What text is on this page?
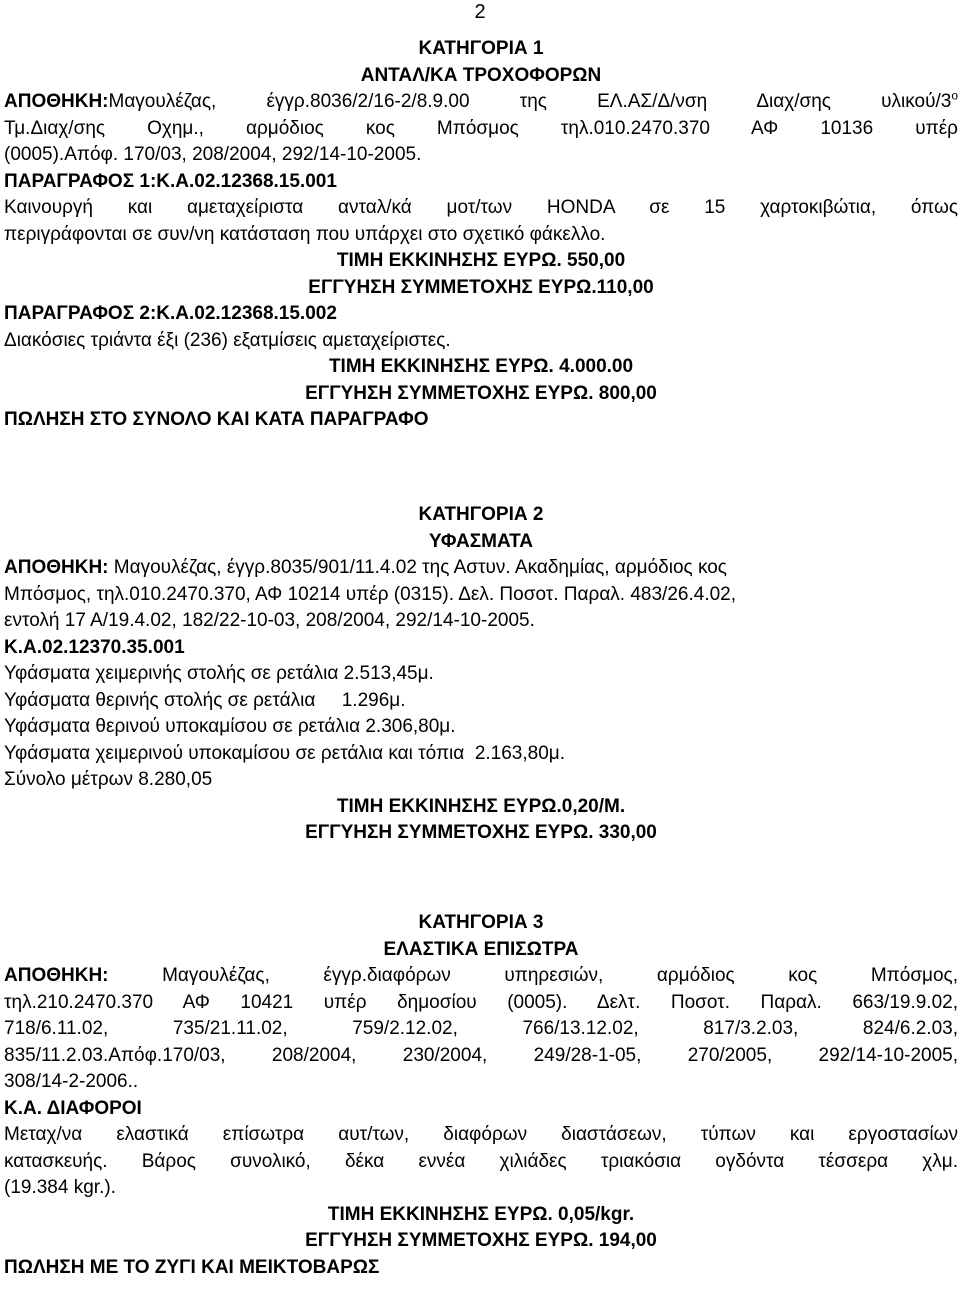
2
ΚΑΤΗΓΟΡΙΑ 1
ΑΝΤΑΛ/ΚΑ ΤΡΟΧΟΦΟΡΩΝ
ΑΠΟΘΗΚΗ:Μαγουλέζας, έγγρ.8036/2/16-2/8.9.00 της ΕΛ.ΑΣ/Δ/νση Διαχ/σης υλικού/$3^o$
Τμ.Διαχ/σης Οχημ., αρμόδιος κος Μπόσμος τηλ.010.2470.370 ΑΦ 10136 υπέρ
(0005).Απόφ. 170/03, 208/2004, 292/14-10-2005.
ΠΑΡΑΓΡΑΦΟΣ 1:Κ.Α.02.12368.15.001
Καινουργή και αμεταχείριστα ανταλ/κά μοτ/των HONDA σε 15 χαρτοκιβώτια, όπως
περιγράφονται σε συν/νη κατάσταση που υπάρχει στο σχετικό φάκελλο.
ΤΙΜΗ ΕΚΚΙΝΗΣΗΣ ΕΥΡΩ. 550,00
ΕΓΓΥΗΣΗ ΣΥΜΜΕΤΟΧΗΣ ΕΥΡΩ.110,00
ΠΑΡΑΓΡΑΦΟΣ 2:Κ.Α.02.12368.15.002
Διακόσιες τριάντα έξι (236) εξατμίσεις αμεταχείριστες.
ΤΙΜΗ ΕΚΚΙΝΗΣΗΣ ΕΥΡΩ. 4.000.00
ΕΓΓΥΗΣΗ ΣΥΜΜΕΤΟΧΗΣ ΕΥΡΩ. 800,00
ΠΩΛΗΣΗ ΣΤΟ ΣΥΝΟΛΟ ΚΑΙ ΚΑΤΑ ΠΑΡΑΓΡΑΦΟ
ΚΑΤΗΓΟΡΙΑ 2
ΥΦΑΣΜΑΤΑ
ΑΠΟΘΗΚΗ: Μαγουλέζας, έγγρ.8035/901/11.4.02 της Αστυν. Ακαδημίας, αρμόδιος κος
Μπόσμος, τηλ.010.2470.370, ΑΦ 10214 υπέρ (0315). Δελ. Ποσοτ. Παραλ. 483/26.4.02,
εντολή 17 Α/19.4.02, 182/22-10-03, 208/2004, 292/14-10-2005.
Κ.Α.02.12370.35.001
Υφάσματα χειμερινής στολής σε ρετάλια 2.513,45μ.
Υφάσματα θερινής στολής σε ρετάλια     1.296μ.
Υφάσματα θερινού υποκαμίσου σε ρετάλια 2.306,80μ.
Υφάσματα χειμερινού υποκαμίσου σε ρετάλια και τόπια  2.163,80μ.
Σύνολο μέτρων 8.280,05
ΤΙΜΗ ΕΚΚΙΝΗΣΗΣ ΕΥΡΩ.0,20/Μ.
ΕΓΓΥΗΣΗ ΣΥΜΜΕΤΟΧΗΣ ΕΥΡΩ. 330,00
ΚΑΤΗΓΟΡΙΑ 3
ΕΛΑΣΤΙΚΑ ΕΠΙΣΩΤΡΑ
ΑΠΟΘΗΚΗ: Μαγουλέζας, έγγρ.διαφόρων υπηρεσιών, αρμόδιος κος Μπόσμος,
τηλ.210.2470.370 ΑΦ 10421 υπέρ δημοσίου (0005). Δελτ. Ποσοτ. Παραλ. 663/19.9.02,
718/6.11.02, 735/21.11.02, 759/2.12.02, 766/13.12.02, 817/3.2.03, 824/6.2.03,
835/11.2.03.Απόφ.170/03, 208/2004, 230/2004, 249/28-1-05, 270/2005, 292/14-10-2005,
308/14-2-2006..
Κ.Α. ΔΙΑΦΟΡΟΙ
Μεταχ/να ελαστικά επίσωτρα αυτ/των, διαφόρων διαστάσεων, τύπων και εργοστασίων
κατασκευής. Βάρος συνολικό, δέκα εννέα χιλιάδες τριακόσια ογδόντα τέσσερα χλμ.
(19.384 kgr.).
ΤΙΜΗ ΕΚΚΙΝΗΣΗΣ ΕΥΡΩ. 0,05/kgr.
ΕΓΓΥΗΣΗ ΣΥΜΜΕΤΟΧΗΣ ΕΥΡΩ. 194,00
ΠΩΛΗΣΗ ΜΕ ΤΟ ΖΥΓΙ ΚΑΙ ΜΕΙΚΤΟΒΑΡΩΣ
